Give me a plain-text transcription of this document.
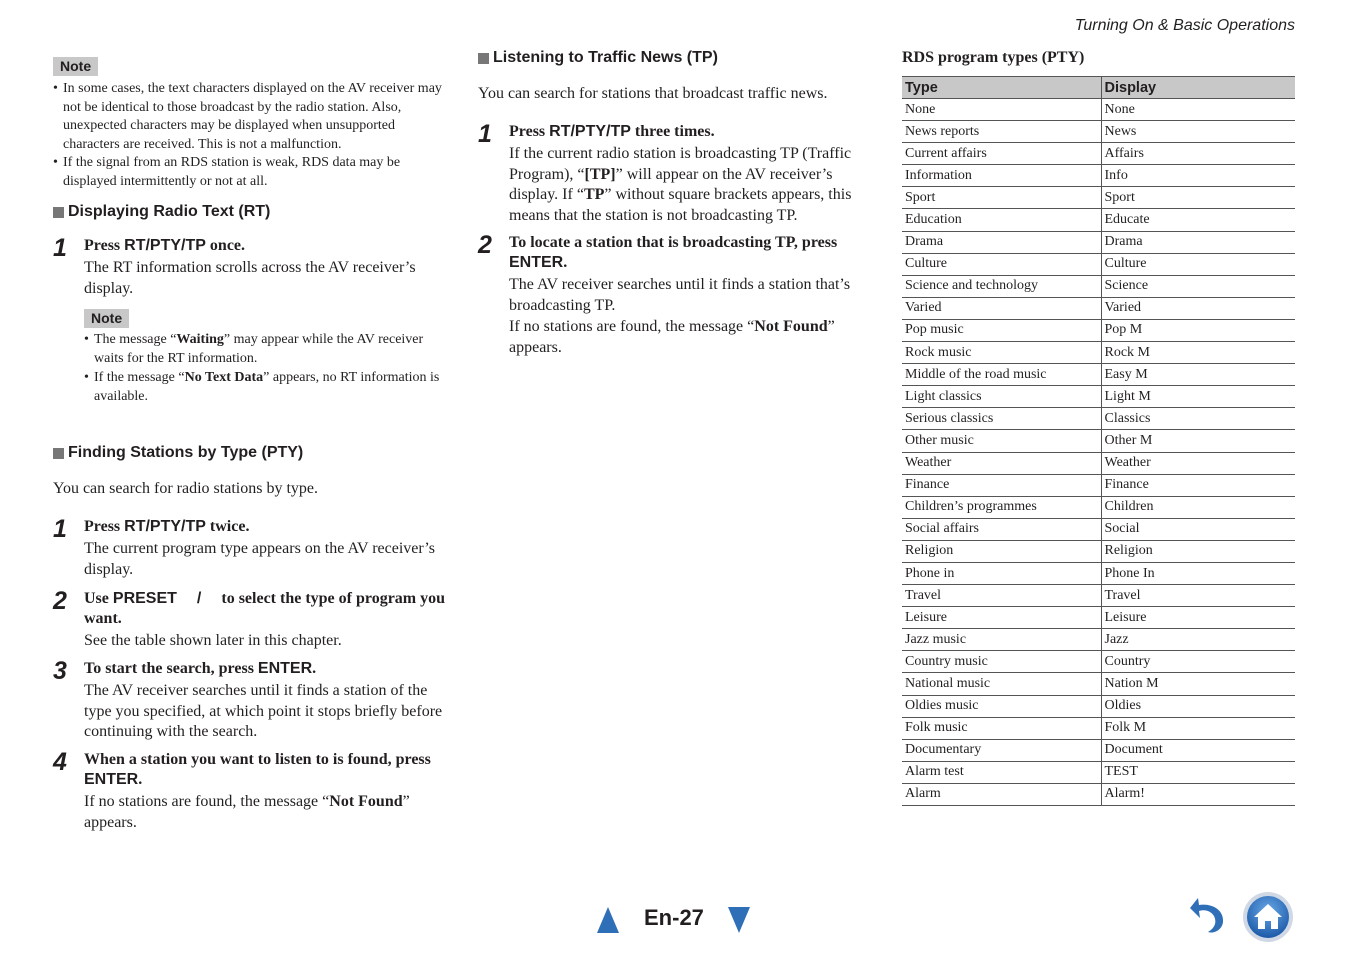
Turning On & Basic Operations
Note
• In some cases, the text characters displayed on the AV receiver may not be identical to those broadcast by the radio station. Also, unexpected characters may be displayed when unsupported characters are received. This is not a malfunction.
• If the signal from an RDS station is weak, RDS data may be displayed intermittently or not at all.
Displaying Radio Text (RT)
1 Press RT/PTY/TP once.
The RT information scrolls across the AV receiver’s display.
Note
• The message “Waiting” may appear while the AV receiver waits for the RT information.
• If the message “No Text Data” appears, no RT information is available.
Finding Stations by Type (PTY)
You can search for radio stations by type.
1 Press RT/PTY/TP twice.
The current program type appears on the AV receiver’s display.
2 Use PRESET / to select the type of program you want.
See the table shown later in this chapter.
3 To start the search, press ENTER.
The AV receiver searches until it finds a station of the type you specified, at which point it stops briefly before continuing with the search.
4 When a station you want to listen to is found, press ENTER.
If no stations are found, the message “Not Found” appears.
Listening to Traffic News (TP)
You can search for stations that broadcast traffic news.
1 Press RT/PTY/TP three times.
If the current radio station is broadcasting TP (Traffic Program), “[TP]” will appear on the AV receiver’s display. If “TP” without square brackets appears, this means that the station is not broadcasting TP.
2 To locate a station that is broadcasting TP, press ENTER.
The AV receiver searches until it finds a station that’s broadcasting TP.
If no stations are found, the message “Not Found” appears.
RDS program types (PTY)
Type	Display
None	None
News reports	News
Current affairs	Affairs
Information	Info
Sport	Sport
Education	Educate
Drama	Drama
Culture	Culture
Science and technology	Science
Varied	Varied
Pop music	Pop M
Rock music	Rock M
Middle of the road music	Easy M
Light classics	Light M
Serious classics	Classics
Other music	Other M
Weather	Weather
Finance	Finance
Children’s programmes	Children
Social affairs	Social
Religion	Religion
Phone in	Phone In
Travel	Travel
Leisure	Leisure
Jazz music	Jazz
Country music	Country
National music	Nation M
Oldies music	Oldies
Folk music	Folk M
Documentary	Document
Alarm test	TEST
Alarm	Alarm!
En-27
